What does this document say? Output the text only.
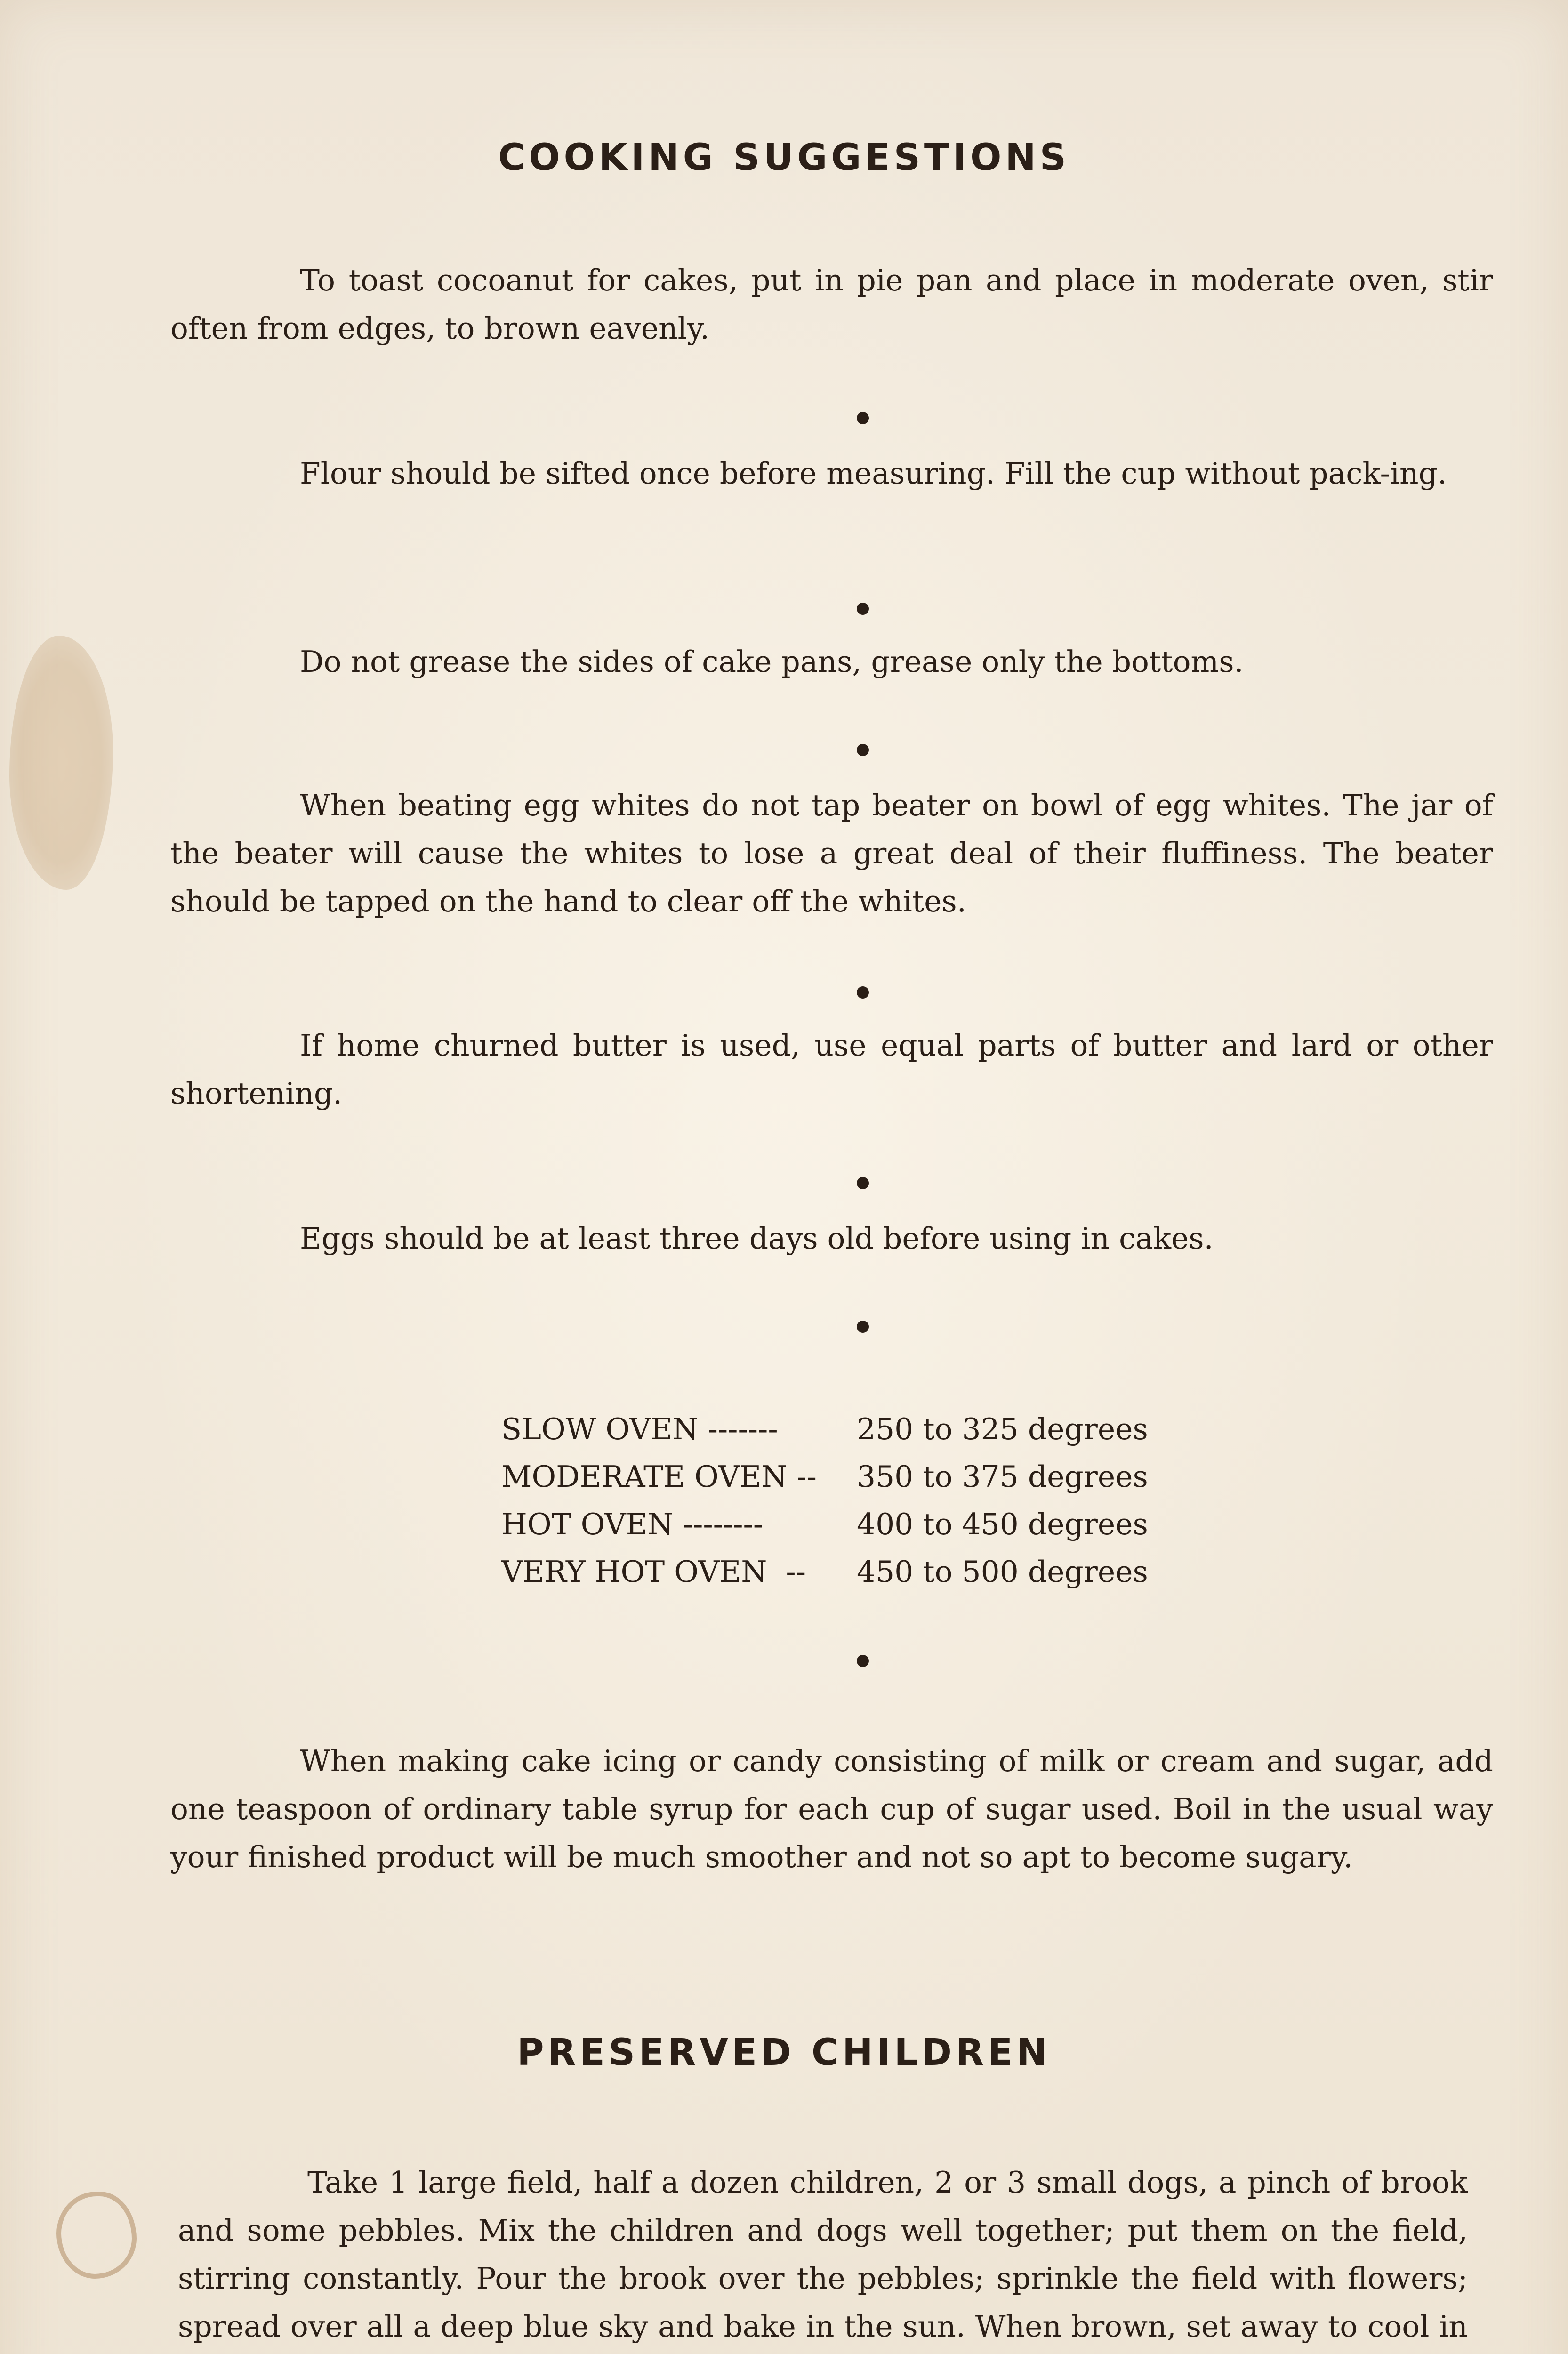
COOKING SUGGESTIONS

To toast cocoanut for cakes, put in pie pan and place in moderate oven, stir often from edges, to brown eavenly.

Flour should be sifted once before measuring. Fill the cup without pack-ing.

Do not grease the sides of cake pans, grease only the bottoms.

When beating egg whites do not tap beater on bowl of egg whites. The jar of the beater will cause the whites to lose a great deal of their fluffiness. The beater should be tapped on the hand to clear off the whites.

If home churned butter is used, use equal parts of butter and lard or other shortening.

Eggs should be at least three days old before using in cakes.

SLOW OVEN -------	250 to 325 degrees
MODERATE OVEN --	350 to 375 degrees
HOT OVEN --------	400 to 450 degrees
VERY HOT OVEN  --	450 to 500 degrees

When making cake icing or candy consisting of milk or cream and sugar, add one teaspoon of ordinary table syrup for each cup of sugar used. Boil in the usual way your finished product will be much smoother and not so apt to become sugary.

PRESERVED CHILDREN

Take 1 large field, half a dozen children, 2 or 3 small dogs, a pinch of brook and some pebbles. Mix the children and dogs well together; put them on the field, stirring constantly. Pour the brook over the pebbles; sprinkle the field with flowers; spread over all a deep blue sky and bake in the sun. When brown, set away to cool in
